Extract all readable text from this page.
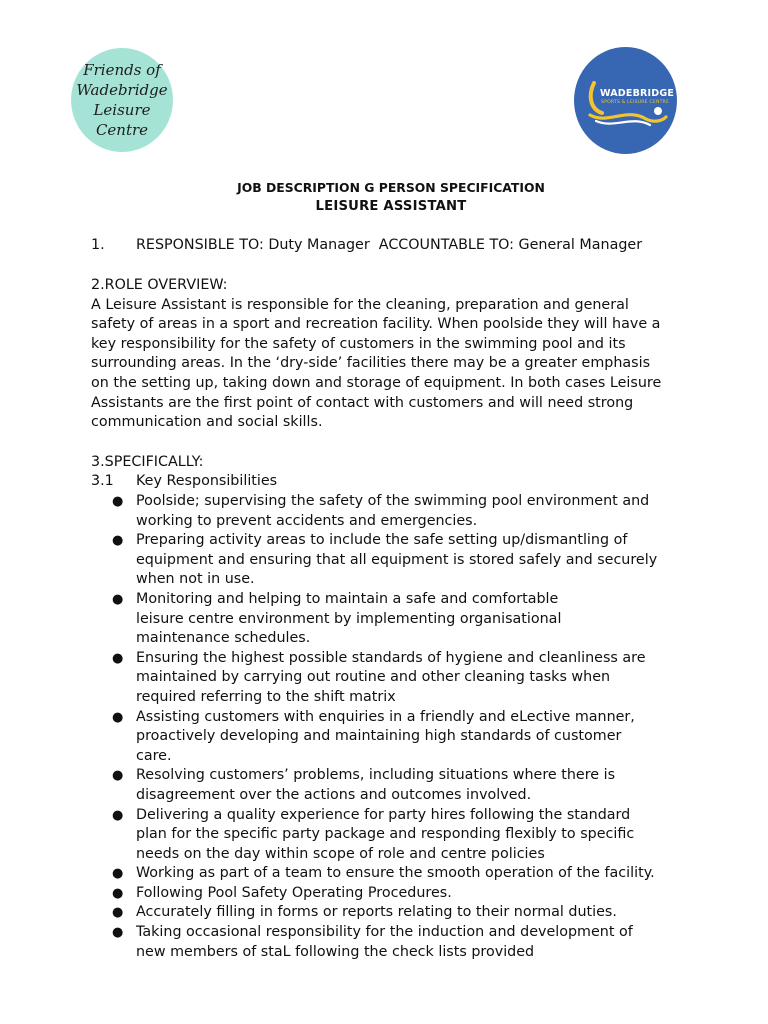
Friends of
Wadebridge
Leisure
Centre
WADEBRIDGE
SPORTS & LEISURE CENTRE
JOB DESCRIPTION G PERSON SPECIFICATION
LEISURE ASSISTANT
1. RESPONSIBLE TO: Duty Manager  ACCOUNTABLE TO: General Manager
2.ROLE OVERVIEW:
A Leisure Assistant is responsible for the cleaning, preparation and general
safety of areas in a sport and recreation facility. When poolside they will have a
key responsibility for the safety of customers in the swimming pool and its
surrounding areas. In the ‘dry-side’ facilities there may be a greater emphasis
on the setting up, taking down and storage of equipment. In both cases Leisure
Assistants are the first point of contact with customers and will need strong
communication and social skills.
3.SPECIFICALLY:
3.1 Key Responsibilities
● Poolside; supervising the safety of the swimming pool environment and
working to prevent accidents and emergencies.
● Preparing activity areas to include the safe setting up/dismantling of
equipment and ensuring that all equipment is stored safely and securely
when not in use.
● Monitoring and helping to maintain a safe and comfortable
leisure centre environment by implementing organisational
maintenance schedules.
● Ensuring the highest possible standards of hygiene and cleanliness are
maintained by carrying out routine and other cleaning tasks when
required referring to the shift matrix
● Assisting customers with enquiries in a friendly and eLective manner,
proactively developing and maintaining high standards of customer
care.
● Resolving customers’ problems, including situations where there is
disagreement over the actions and outcomes involved.
● Delivering a quality experience for party hires following the standard
plan for the specific party package and responding flexibly to specific
needs on the day within scope of role and centre policies
● Working as part of a team to ensure the smooth operation of the facility.
● Following Pool Safety Operating Procedures.
● Accurately filling in forms or reports relating to their normal duties.
● Taking occasional responsibility for the induction and development of
new members of staL following the check lists provided
